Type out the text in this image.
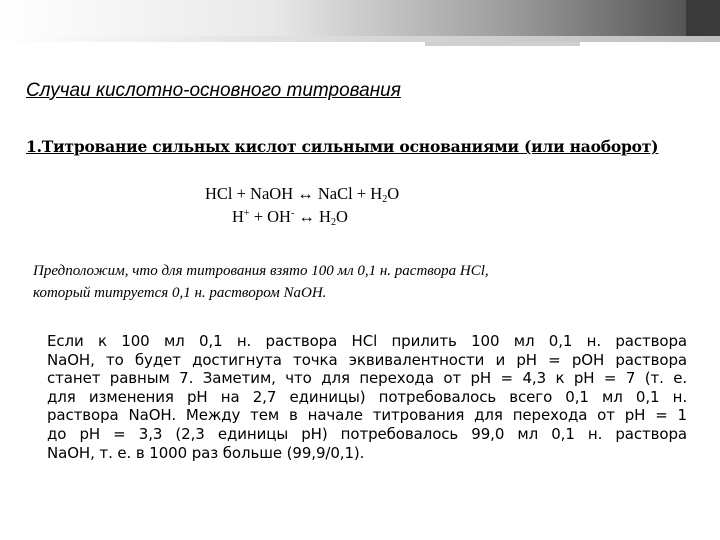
Случаи кислотно-основного титрования
1.Титрование сильных кислот сильными основаниями (или наоборот)
HCl + NaOH ↔ NaCl + $H_2O$
H+ + OH- ↔ $H_2O$
Предположим, что для титрования взято 100 мл 0,1 н. раствора HCl,
который титруется 0,1 н. раствором NaOH.
Если к 100 мл 0,1 н. раствора HCl прилить 100 мл 0,1 н. раствора
NaOH, то будет достигнута точка эквивалентности и pH = pOH раствора
станет равным 7. Заметим, что для перехода от pH = 4,3 к pH = 7 (т. е.
для изменения pH на 2,7 единицы) потребовалось всего 0,1 мл 0,1 н.
раствора NaOH. Между тем в начале титрования для перехода от pH = 1
до pH = 3,3 (2,3 единицы pH) потребовалось 99,0 мл 0,1 н. раствора
NaOH, т. е. в 1000 раз больше (99,9/0,1).
